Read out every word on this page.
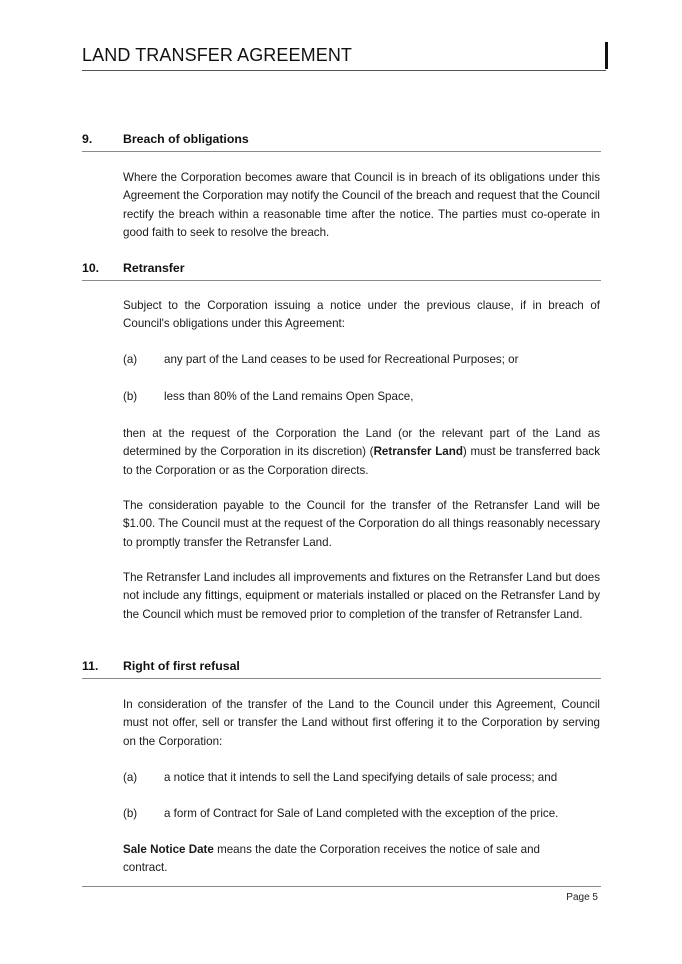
LAND TRANSFER AGREEMENT
9. Breach of obligations
Where the Corporation becomes aware that Council is in breach of its obligations under this Agreement the Corporation may notify the Council of the breach and request that the Council rectify the breach within a reasonable time after the notice. The parties must co-operate in good faith to seek to resolve the breach.
10. Retransfer
Subject to the Corporation issuing a notice under the previous clause, if in breach of Council's obligations under this Agreement:
(a) any part of the Land ceases to be used for Recreational Purposes; or
(b) less than 80% of the Land remains Open Space,
then at the request of the Corporation the Land (or the relevant part of the Land as determined by the Corporation in its discretion) (Retransfer Land) must be transferred back to the Corporation or as the Corporation directs.
The consideration payable to the Council for the transfer of the Retransfer Land will be $1.00. The Council must at the request of the Corporation do all things reasonably necessary to promptly transfer the Retransfer Land.
The Retransfer Land includes all improvements and fixtures on the Retransfer Land but does not include any fittings, equipment or materials installed or placed on the Retransfer Land by the Council which must be removed prior to completion of the transfer of Retransfer Land.
11. Right of first refusal
In consideration of the transfer of the Land to the Council under this Agreement, Council must not offer, sell or transfer the Land without first offering it to the Corporation by serving on the Corporation:
(a) a notice that it intends to sell the Land specifying details of sale process; and
(b) a form of Contract for Sale of Land completed with the exception of the price.
Sale Notice Date means the date the Corporation receives the notice of sale and contract.
Page 5
